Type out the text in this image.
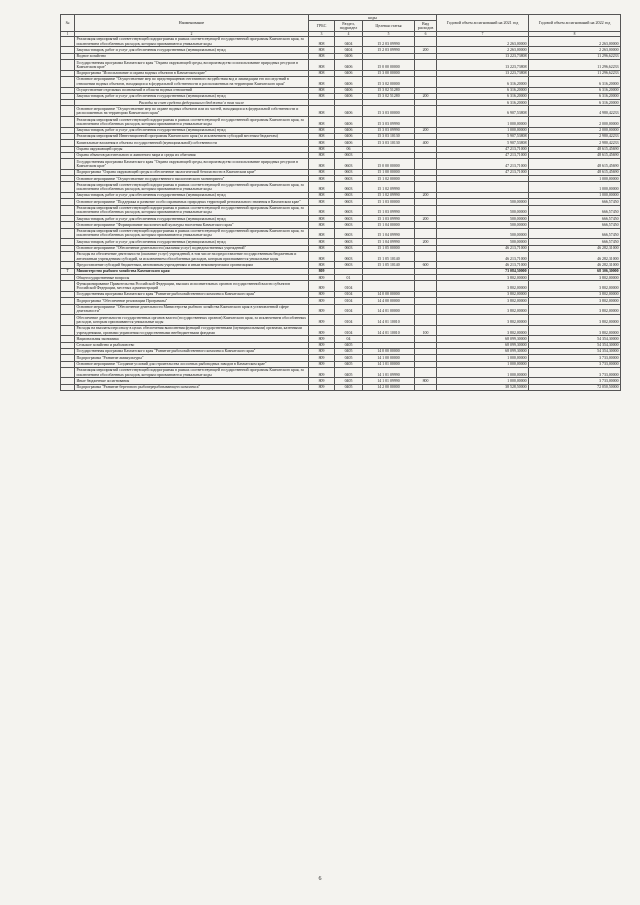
№	Наименование	коды				Годовой объем ассигнований на 2021 год	Годовой объем ассигнований на 2022 год
		ГРБС	Раздел, подраздел	Целевая статья	Вид расходов		
1	2	3	4	5	6	7	8
	Реализация мероприятий соответствующей подпрограммы в рамках соответствующей государственной программы Камчатского края, за исключением обособленных расходов, которым присваиваются уникальные коды	808	0404	15 2 03 09990		2 263,00000	2 263,00000
	Закупка товаров, работ и услуг для обеспечения государственных (муниципальных) нужд	808	0404	15 2 03 09990	200	2 263,00000	2 263,00000
	Водное хозяйство	808	0406			13 223,73808	11 296,62233
	Государственная программа Камчатского края "Охрана окружающей среды, воспроизводство и использование природных ресурсов в Камчатском крае"	808	0406	15 0 00 00000		13 223,73808	11 296,62233
	Подпрограмма "Использование и охрана водных объектов в Камчатском крае"	808	0406	15 3 00 00000		13 223,73808	11 296,62233
	Основное мероприятие "Осуществление мер по предотвращению негативного воздействия вод и ликвидации его последствий в отношении водных объектов, находящихся в федеральной собственности и расположенных на территории Камчатского края"	808	0406	15 3 02 00000		6 316,20000	6 316,20000
	Осуществление отдельных полномочий в области водных отношений	808	0406	15 3 02 51280		6 316,20000	6 316,20000
	Закупка товаров, работ и услуг для обеспечения государственных (муниципальных) нужд	808	0406	15 3 02 51280	200	6 316,20000	6 316,20000
	Расходы за счет средств федерального бюджета/ в том числе					6 316,20000	6 316,20000
	Основное мероприятие "Осуществление мер по охране водных объектов или их частей, находящихся в федеральной собственности и расположенных на территории Камчатского края"	808	0406	15 3 03 00000		6 907,53808	4 980,42233
	Реализация мероприятий соответствующей подпрограммы в рамках соответствующей государственной программы Камчатского края, за исключением обособленных расходов, которым присваиваются уникальные коды	808	0406	15 3 03 09990		1 000,00000	2 000,00000
	Закупка товаров, работ и услуг для обеспечения государственных (муниципальных) нужд	808	0406	15 3 03 09990	200	1 000,00000	2 000,00000
	Реализация мероприятий Инвестиционной программы Камчатского края (за исключением субсидий местным бюджетам)	808	0406	15 3 03 10130		5 907,53808	2 980,42233
	Капитальные вложения в объекты государственной (муниципальной) собственности	808	0406	15 3 03 10130	400	5 907,53808	2 980,42233
	Охрана окружающей среды	808	06			47 213,71000	48 615,45690
	Охрана объектов растительного и животного мира и среды их обитания	808	0603			47 213,71000	48 615,45690
	Государственная программа Камчатского края "Охрана окружающей среды, воспроизводство и использование природных ресурсов в Камчатском крае"	808	0603	15 0 00 00000		47 213,71000	48 615,45690
	Подпрограмма "Охрана окружающей среды и обеспечение экологической безопасности в Камчатском крае"	808	0603	15 1 00 00000		47 213,71000	48 615,45690
	Основное мероприятие "Осуществление государственного экологического мониторинга"	808	0603	15 1 02 00000			1 000,00000
	Реализация мероприятий соответствующей подпрограммы в рамках соответствующей государственной программы Камчатского края, за исключением обособленных расходов, которым присваиваются уникальные коды	808	0603	15 1 02 09990			1 000,00000
	Закупка товаров, работ и услуг для обеспечения государственных (муниципальных) нужд	808	0603	15 1 02 09990	200		1 000,00000
	Основное мероприятие "Поддержка и развитие особо охраняемых природных территорий регионального значения в Камчатском крае"	808	0603	15 1 03 00000		500,00000	666,57450
	Реализация мероприятий соответствующей подпрограммы в рамках соответствующей государственной программы Камчатского края, за исключением обособленных расходов, которым присваиваются уникальные коды	808	0603	15 1 03 09990		500,00000	666,57450
	Закупка товаров, работ и услуг для обеспечения государственных (муниципальных) нужд	808	0603	15 1 03 09990	200	500,00000	666,57450
	Основное мероприятие "Формирование экологической культуры населения Камчатского края"	808	0603	15 1 04 00000		500,00000	666,57450
	Реализация мероприятий соответствующей подпрограммы в рамках соответствующей государственной программы Камчатского края, за исключением обособленных расходов, которым присваиваются уникальные коды	808	0603	15 1 04 09990		500,00000	666,57450
	Закупка товаров, работ и услуг для обеспечения государственных (муниципальных) нужд	808	0603	15 1 04 09990	200	500,00000	666,57450
	Основное мероприятие "Обеспечение деятельности (оказания услуг) подведомственных учреждений"	808	0603	15 1 05 00000		46 213,71000	46 282,31000
	Расходы на обеспечение деятельности (оказание услуг) учреждений, в том числе на предоставление государственным бюджетным и автономным учреждениям субсидий, за исключением обособленных расходов, которым присваиваются уникальные коды	808	0603	15 1 05 10140		46 213,71000	46 282,31000
	Предоставление субсидий бюджетным, автономным учреждениям и иным некоммерческим организациям	808	0603	15 1 05 10140	600	46 213,71000	46 282,31000
7	Министерство рыбного хозяйства Камчатского края	809				73 084,50000	68 306,30000
	Общегосударственные вопросы	809	01			3 802,00000	3 802,00000
	Функционирование Правительства Российской Федерации, высших исполнительных органов государственной власти субъектов Российской Федерации, местных администраций	809	0104			3 802,00000	3 802,00000
	Государственная программа Камчатского края "Развитие рыбохозяйственного комплекса Камчатского края"	809	0104	14 0 00 00000		3 802,00000	3 802,00000
	Подпрограмма "Обеспечение реализации Программы"	809	0104	14 4 00 00000		3 802,00000	3 802,00000
	Основное мероприятие "Обеспечение деятельности Министерства рыбного хозяйства Камчатского края в установленной сфере деятельности"	809	0104	14 4 01 00000		3 802,00000	3 802,00000
	Обеспечение деятельности государственных органов власти (государственных органов) Камчатского края, за исключением обособленных расходов, которым присваиваются уникальные коды	809	0104	14 4 01 10010		3 802,00000	3 802,00000
	Расходы на выплаты персоналу в целях обеспечения выполнения функций государственными (муниципальными) органами, казенными учреждениями, органами управления государственными внебюджетными фондами	809	0104	14 4 01 10010	100	3 802,00000	3 802,00000
	Национальная экономика	809	04			68 099,30000	54 354,30000
	Сельское хозяйство и рыболовство	809	0405			68 099,30000	54 354,30000
	Государственная программа Камчатского края "Развитие рыбохозяйственного комплекса Камчатского края"	809	0405	14 0 00 00000		68 099,30000	54 354,30000
	Подпрограмма "Развитие аквакультуры"	809	0405	14 1 00 00000		1 000,00000	3 733,00000
	Основное мероприятие "Создание условий для строительства лососевых рыбоводных заводов в Камчатском крае"	809	0405	14 1 01 00000		1 000,00000	3 733,00000
	Реализация мероприятий соответствующей подпрограммы в рамках соответствующей государственной программы Камчатского края, за исключением обособленных расходов, которым присваиваются уникальные коды	809	0405	14 1 01 09990		1 000,00000	3 733,00000
	Иные бюджетные ассигнования	809	0405	14 1 01 09990	800	1 000,00000	3 733,00000
	Подпрограмма "Развитие берегового рыбоперерабатывающего комплекса"	809	0405	14 2 00 00000		38 528,50000	72 050,50000
6
